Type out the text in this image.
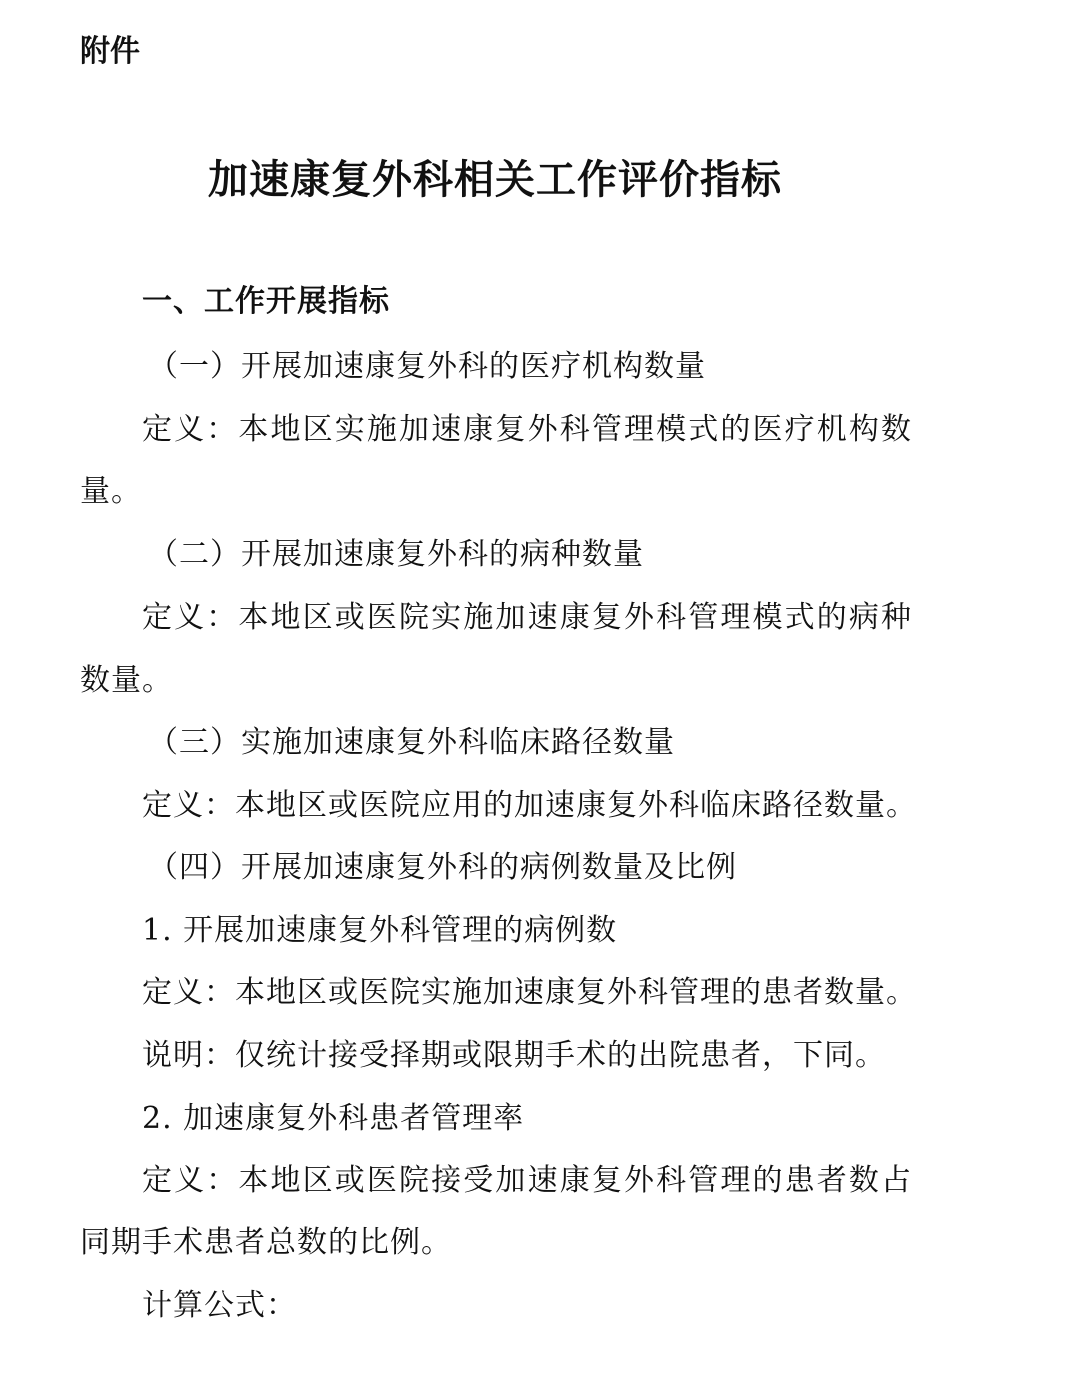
附件
加速康复外科相关工作评价指标
一、工作开展指标
（一）开展加速康复外科的医疗机构数量
定义：本地区实施加速康复外科管理模式的医疗机构数
量。
（二）开展加速康复外科的病种数量
定义：本地区或医院实施加速康复外科管理模式的病种
数量。
（三）实施加速康复外科临床路径数量
定义：本地区或医院应用的加速康复外科临床路径数量。
（四）开展加速康复外科的病例数量及比例
1. 开展加速康复外科管理的病例数
定义：本地区或医院实施加速康复外科管理的患者数量。
说明：仅统计接受择期或限期手术的出院患者，下同。
2. 加速康复外科患者管理率
定义：本地区或医院接受加速康复外科管理的患者数占
同期手术患者总数的比例。
计算公式：
